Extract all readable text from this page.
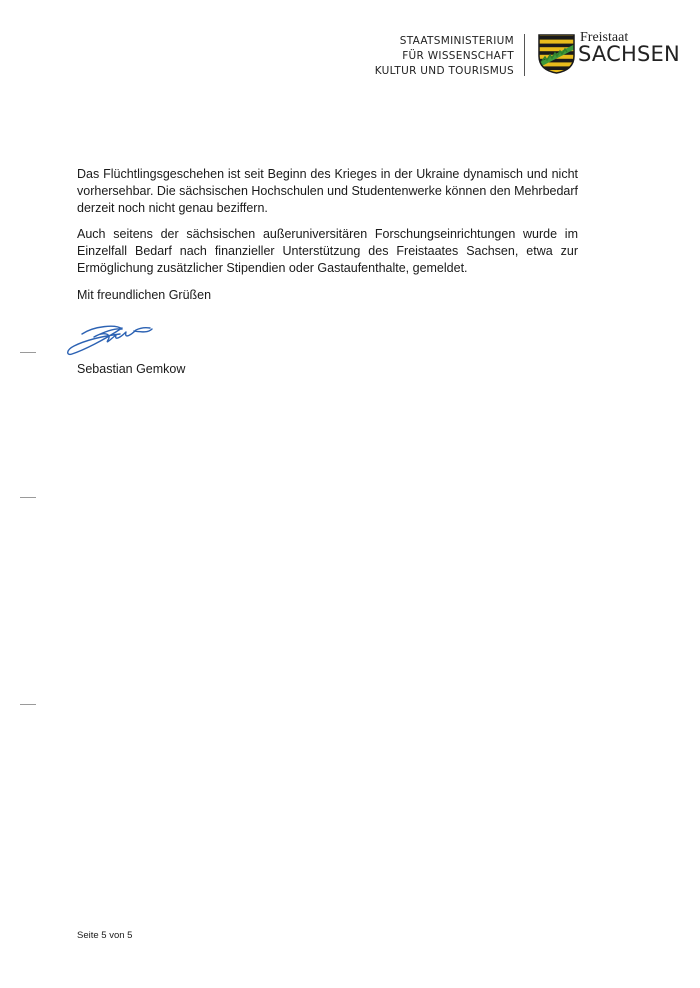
STAATSMINISTERIUM
FÜR WISSENSCHAFT
KULTUR UND TOURISMUS
Freistaat
SACHSEN

Das Flüchtlingsgeschehen ist seit Beginn des Krieges in der Ukraine dynamisch und nicht vorhersehbar. Die sächsischen Hochschulen und Studentenwerke können den Mehrbedarf derzeit noch nicht genau beziffern.

Auch seitens der sächsischen außeruniversitären Forschungseinrichtungen wurde im Einzelfall Bedarf nach finanzieller Unterstützung des Freistaates Sachsen, etwa zur Ermöglichung zusätzlicher Stipendien oder Gastaufenthalte, gemeldet.

Mit freundlichen Grüßen
Sebastian Gemkow
Seite 5 von 5
